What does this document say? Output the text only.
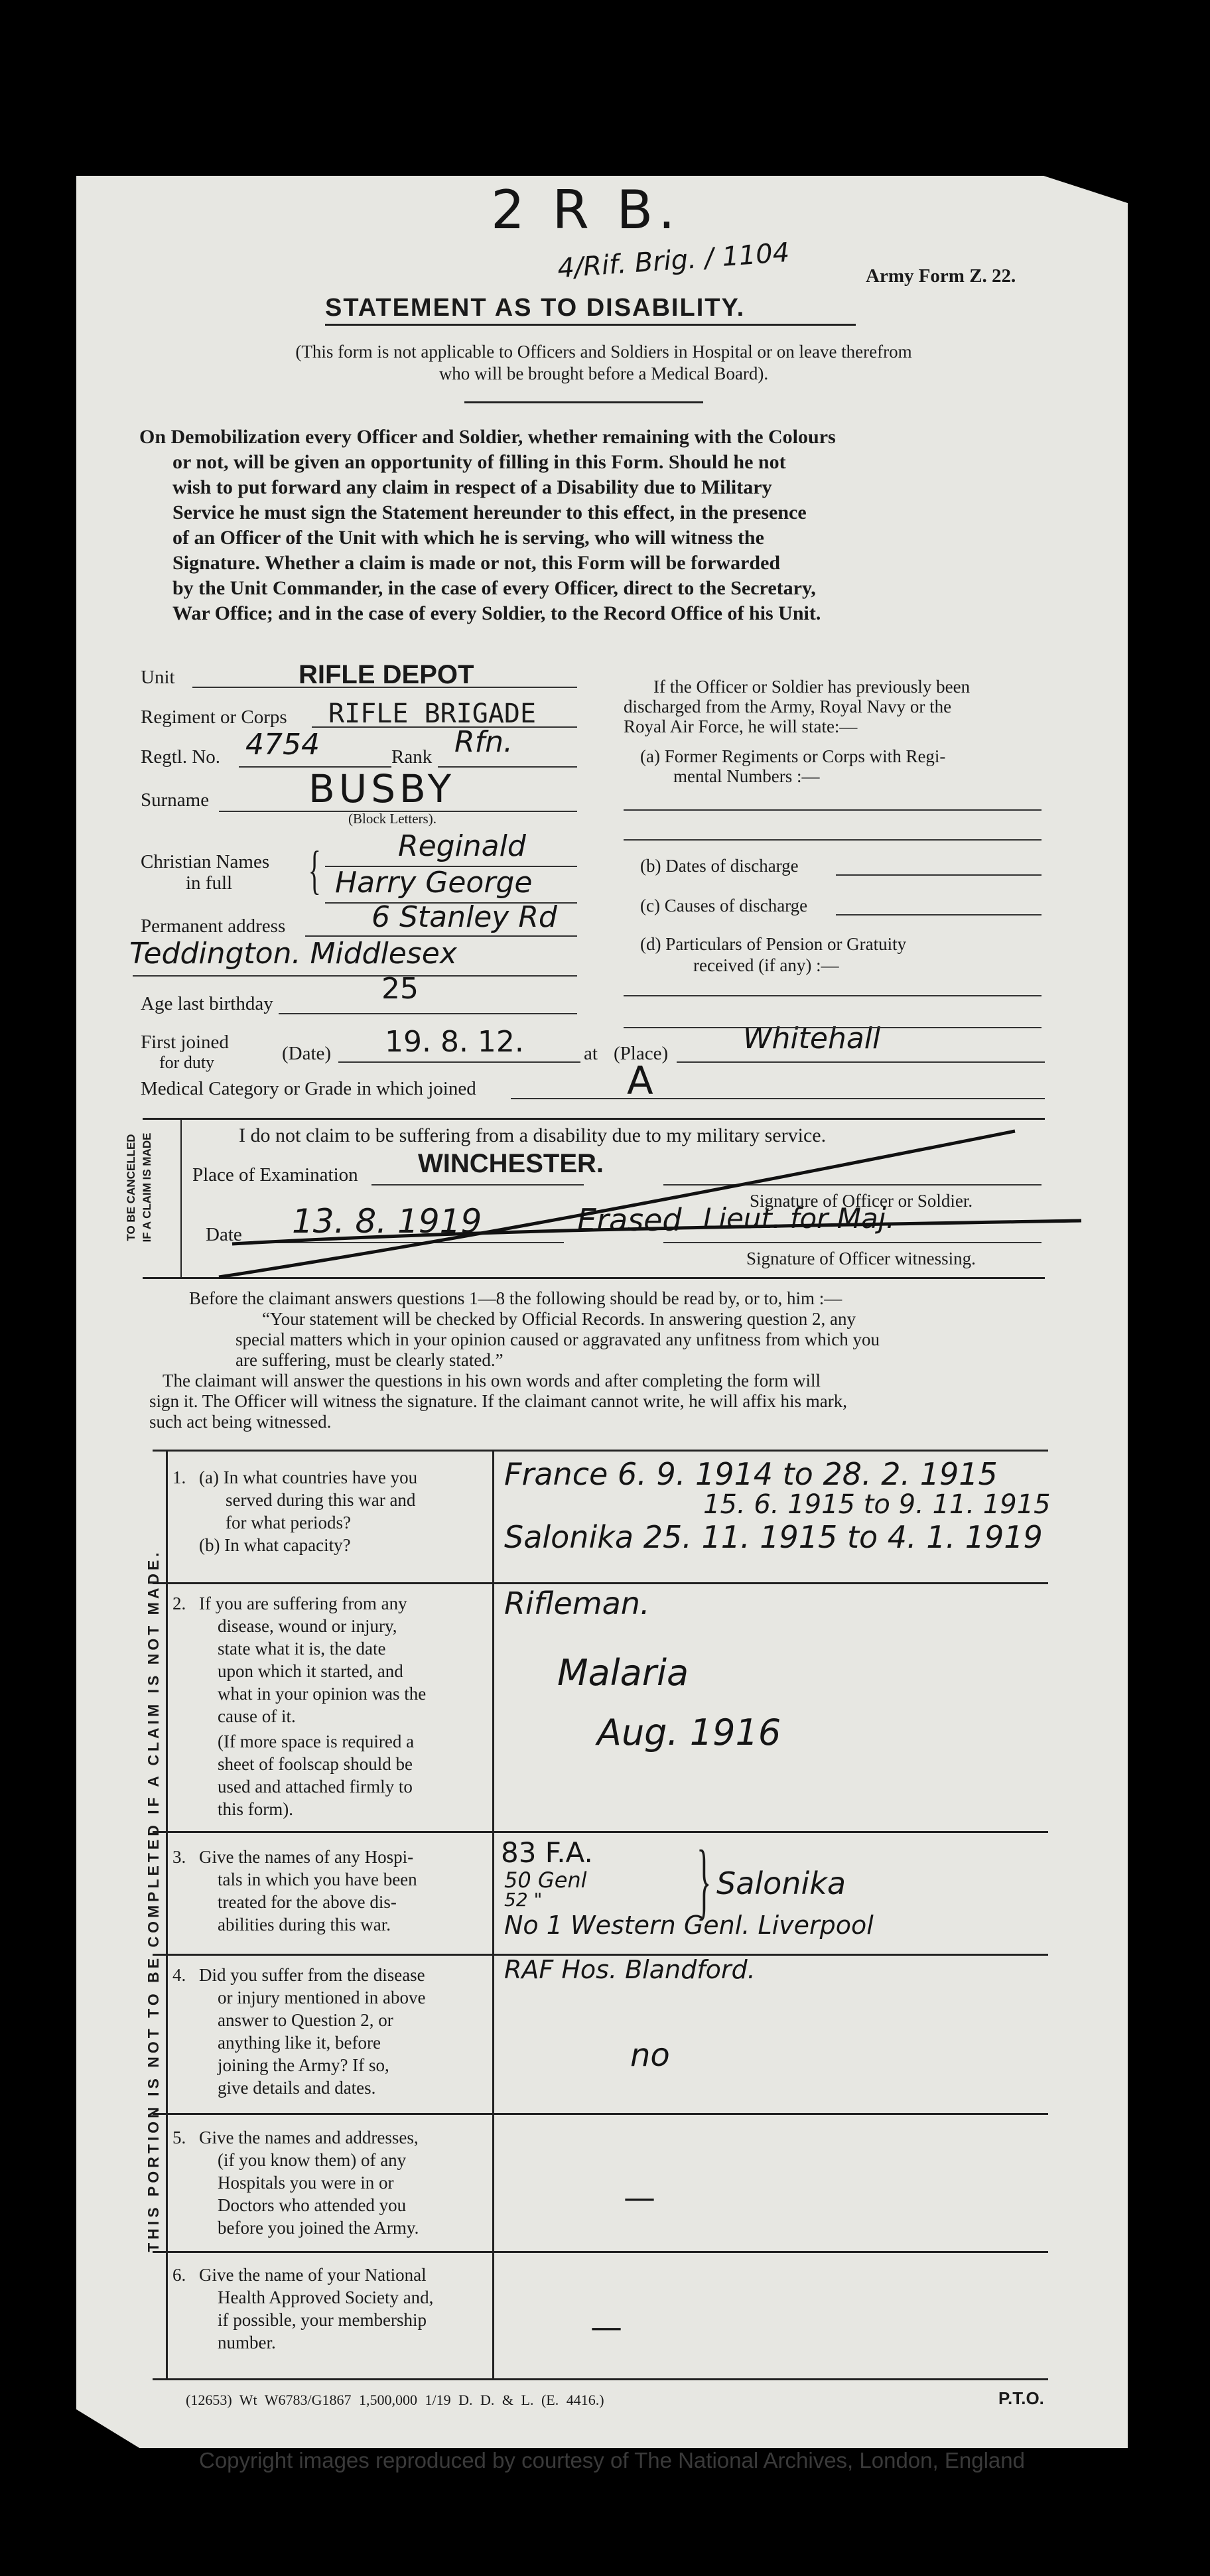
2 R B.
4/Rif. Brig. / 1104	Army Form Z. 22.
STATEMENT AS TO DISABILITY.
(This form is not applicable to Officers and Soldiers in Hospital or on leave therefrom
who will be brought before a Medical Board).
On Demobilization every Officer and Soldier, whether remaining with the Colours
or not, will be given an opportunity of filling in this Form. Should he not
wish to put forward any claim in respect of a Disability due to Military
Service he must sign the Statement hereunder to this effect, in the presence
of an Officer of the Unit with which he is serving, who will witness the
Signature. Whether a claim is made or not, this Form will be forwarded
by the Unit Commander, in the case of every Officer, direct to the Secretary,
War Office; and in the case of every Soldier, to the Record Office of his Unit.
Unit	RIFLE DEPOT
Regiment or Corps RIFLE BRIGADE
Regtl. No. 4754	Rank Rfn.
Surname	BUSBY
(Block Letters).
Christian Names
in full {	Reginald
Harry George
Permanent address	6 Stanley Rd
Teddington. Middlesex
Age last birthday	25
First joined
for duty	(Date) 19. 8. 12.	at (Place)	Whitehall
Medical Category or Grade in which joined	A
If the Officer or Soldier has previously been
discharged from the Army, Royal Navy or the
Royal Air Force, he will state:—
(a) Former Regiments or Corps with Regi-
mental Numbers :—
(b) Dates of discharge
(c) Causes of discharge
(d) Particulars of Pension or Gratuity
received (if any) :—
TO BE CANCELLED IF A CLAIM IS MADE	I do not claim to be suffering from a disability due to my military service.
Place of Examination WINCHESTER.
Signature of Officer or Soldier.
Date 13. 8. 1919	Erased Lieut. for Maj.
Signature of Officer witnessing.
Before the claimant answers questions 1—8 the following should be read by, or to, him :—
“Your statement will be checked by Official Records. In answering question 2, any
special matters which in your opinion caused or aggravated any unfitness from which you
are suffering, must be clearly stated.”
The claimant will answer the questions in his own words and after completing the form will
sign it. The Officer will witness the signature. If the claimant cannot write, he will affix his mark,
such act being witnessed.
THIS PORTION IS NOT TO BE COMPLETED IF A CLAIM IS NOT MADE.
1. (a) In what countries have you
served during this war and
for what periods?
(b) In what capacity?
France 6. 9. 1914 to 28. 2. 1915
15. 6. 1915 to 9. 11. 1915
Salonika 25. 11. 1915 to 4. 1. 1919
Rifleman.
2. If you are suffering from any
disease, wound or injury,
state what it is, the date
upon which it started, and
what in your opinion was the
cause of it.
(If more space is required a
sheet of foolscap should be
used and attached firmly to
this form).
Malaria
Aug. 1916
3. Give the names of any Hospi-
tals in which you have been
treated for the above dis-
abilities during this war.
83 F.A.
50 Genl
52 " } Salonika
No 1 Western Genl. Liverpool
RAF Hos. Blandford.
4. Did you suffer from the disease
or injury mentioned in above
answer to Question 2, or
anything like it, before
joining the Army? If so,
give details and dates.
no
5. Give the names and addresses,
(if you know them) of any
Hospitals you were in or
Doctors who attended you
before you joined the Army.
—
6. Give the name of your National
Health Approved Society and,
if possible, your membership
number.	—
(12653) Wt W6783/G1867 1,500,000 1/19 D. D. & L. (E. 4416.)	P.T.O.
Copyright images reproduced by courtesy of The National Archives, London, England
